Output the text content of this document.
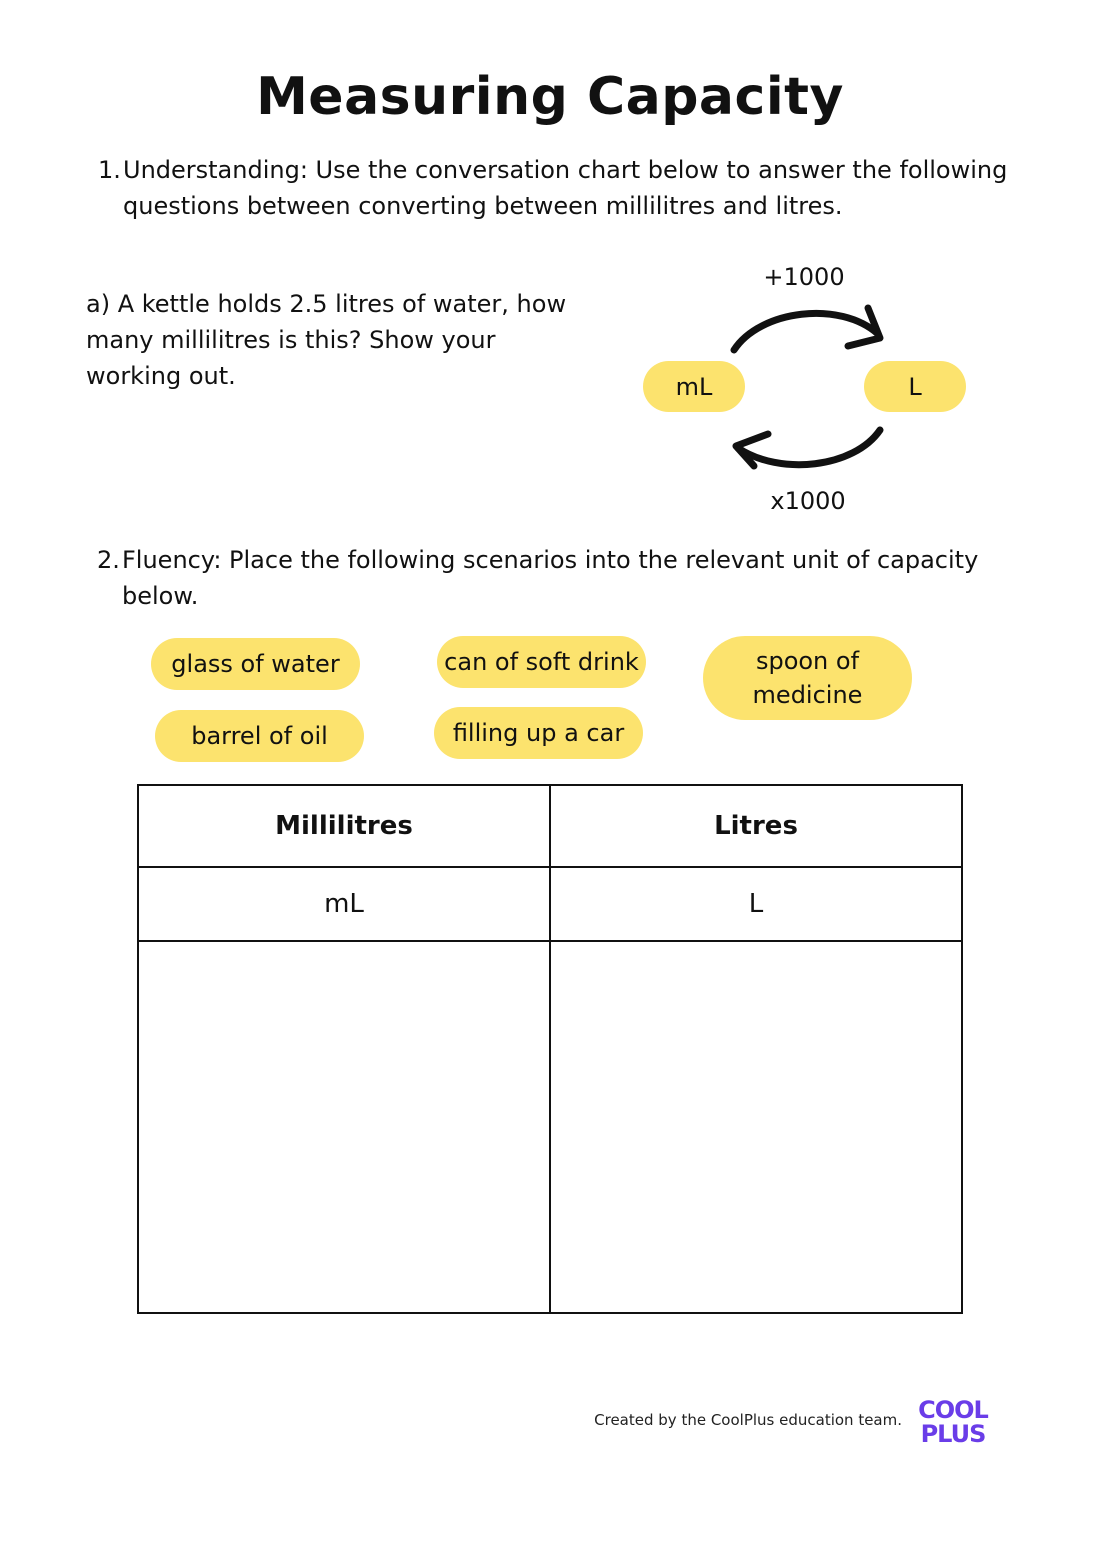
Measuring Capacity
1. Understanding: Use the conversation chart below to answer the following
questions between converting between millilitres and litres.
a) A kettle holds 2.5 litres of water, how
many millilitres is this? Show your
working out.
+1000
mL	L
x1000
2. Fluency: Place the following scenarios into the relevant unit of capacity
below.
glass of water	can of soft drink	spoon of
medicine
barrel of oil	filling up a car
Millilitres	Litres
mL	L

Created by the CoolPlus education team. COOL
PLUS
